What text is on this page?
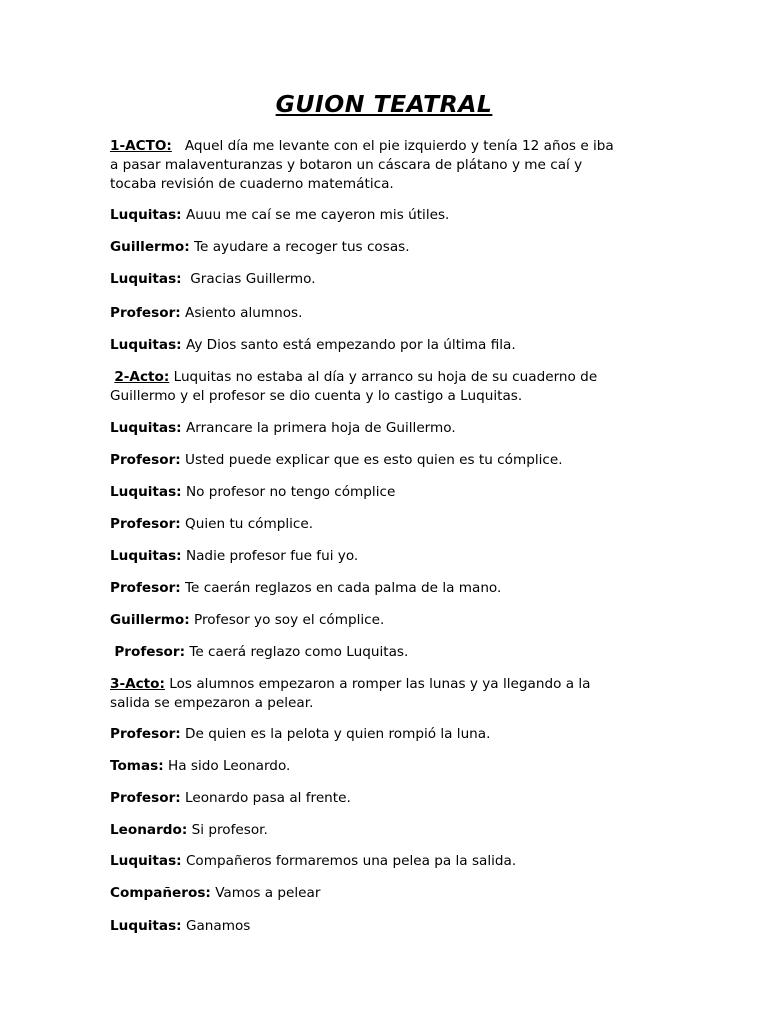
GUION TEATRAL
1-ACTO: Aquel día me levante con el pie izquierdo y tenía 12 años e iba
a pasar malaventuranzas y botaron un cáscara de plátano y me caí y
tocaba revisión de cuaderno matemática.
Luquitas: Auuu me caí se me cayeron mis útiles.
Guillermo: Te ayudare a recoger tus cosas.
Luquitas: Gracias Guillermo.
Profesor: Asiento alumnos.
Luquitas: Ay Dios santo está empezando por la última fila.
2-Acto: Luquitas no estaba al día y arranco su hoja de su cuaderno de
Guillermo y el profesor se dio cuenta y lo castigo a Luquitas.
Luquitas: Arrancare la primera hoja de Guillermo.
Profesor: Usted puede explicar que es esto quien es tu cómplice.
Luquitas: No profesor no tengo cómplice
Profesor: Quien tu cómplice.
Luquitas: Nadie profesor fue fui yo.
Profesor: Te caerán reglazos en cada palma de la mano.
Guillermo: Profesor yo soy el cómplice.
Profesor: Te caerá reglazo como Luquitas.
3-Acto: Los alumnos empezaron a romper las lunas y ya llegando a la
salida se empezaron a pelear.
Profesor: De quien es la pelota y quien rompió la luna.
Tomas: Ha sido Leonardo.
Profesor: Leonardo pasa al frente.
Leonardo: Si profesor.
Luquitas: Compañeros formaremos una pelea pa la salida.
Compañeros: Vamos a pelear
Luquitas: Ganamos
